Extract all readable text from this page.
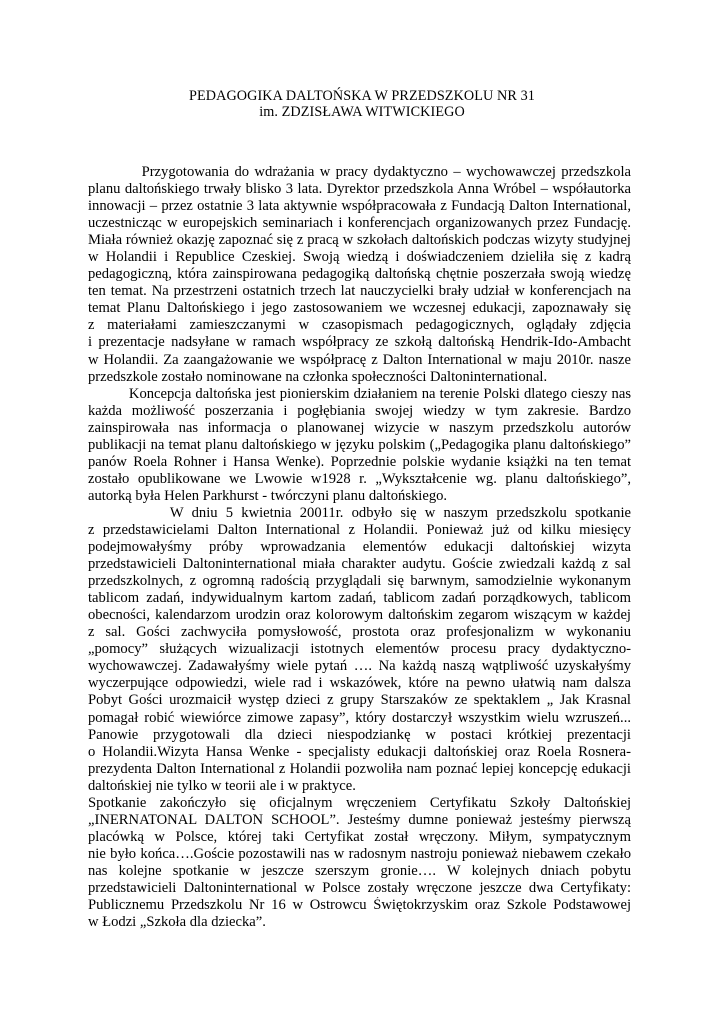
PEDAGOGIKA DALTOŃSKA W PRZEDSZKOLU NR 31
im. ZDZISŁAWA WITWICKIEGO
Przygotowania do wdrażania w pracy dydaktyczno – wychowawczej przedszkola
planu daltońskiego trwały blisko 3 lata. Dyrektor przedszkola Anna Wróbel – współautorka
innowacji – przez ostatnie 3 lata aktywnie współpracowała z Fundacją Dalton International,
uczestnicząc w europejskich seminariach i konferencjach organizowanych przez Fundację.
Miała również okazję zapoznać się z pracą w szkołach daltońskich podczas wizyty studyjnej
w Holandii i Republice Czeskiej. Swoją wiedzą i doświadczeniem dzieliła się z kadrą
pedagogiczną, która zainspirowana pedagogiką daltońską chętnie poszerzała swoją wiedzę
ten temat. Na przestrzeni ostatnich trzech lat nauczycielki brały udział w konferencjach na
temat Planu Daltońskiego i jego zastosowaniem we wczesnej edukacji, zapoznawały się
z materiałami zamieszczanymi w czasopismach pedagogicznych, oglądały zdjęcia
i prezentacje nadsyłane w ramach współpracy ze szkołą daltońską Hendrik-Ido-Ambacht
w Holandii. Za zaangażowanie we współpracę z Dalton International w maju 2010r. nasze
przedszkole zostało nominowane na członka społeczności Daltoninternational.
Koncepcja daltońska jest pionierskim działaniem na terenie Polski dlatego cieszy nas
każda możliwość poszerzania i pogłębiania swojej wiedzy w tym zakresie. Bardzo
zainspirowała nas informacja o planowanej wizycie w naszym przedszkolu autorów
publikacji na temat planu daltońskiego w języku polskim („Pedagogika planu daltońskiego”
panów Roela Rohner i Hansa Wenke). Poprzednie polskie wydanie książki na ten temat
zostało opublikowane we Lwowie w1928 r. „Wykształcenie wg. planu daltońskiego”,
autorką była Helen Parkhurst - twórczyni planu daltońskiego.
W dniu 5 kwietnia 20011r. odbyło się w naszym przedszkolu spotkanie
z przedstawicielami Dalton International z Holandii. Ponieważ już od kilku miesięcy
podejmowałyśmy próby wprowadzania elementów edukacji daltońskiej wizyta
przedstawicieli Daltoninternational miała charakter audytu. Goście zwiedzali każdą z sal
przedszkolnych, z ogromną radością przyglądali się barwnym, samodzielnie wykonanym
tablicom zadań, indywidualnym kartom zadań, tablicom zadań porządkowych, tablicom
obecności, kalendarzom urodzin oraz kolorowym daltońskim zegarom wiszącym w każdej
z sal. Gości zachwyciła pomysłowość, prostota oraz profesjonalizm w wykonaniu
„pomocy” służących wizualizacji istotnych elementów procesu pracy dydaktyczno-
wychowawczej. Zadawałyśmy wiele pytań …. Na każdą naszą wątpliwość uzyskałyśmy
wyczerpujące odpowiedzi, wiele rad i wskazówek, które na pewno ułatwią nam dalsza
Pobyt Gości urozmaicił występ dzieci z grupy Starszaków ze spektaklem „ Jak Krasnal
pomagał robić wiewiórce zimowe zapasy”, który dostarczył wszystkim wielu wzruszeń...
Panowie przygotowali dla dzieci niespodziankę w postaci krótkiej prezentacji
o Holandii.Wizyta Hansa Wenke - specjalisty edukacji daltońskiej oraz Roela Rosnera-
prezydenta Dalton International z Holandii pozwoliła nam poznać lepiej koncepcję edukacji
daltońskiej nie tylko w teorii ale i w praktyce.
Spotkanie zakończyło się oficjalnym wręczeniem Certyfikatu Szkoły Daltońskiej
„INERNATONAL DALTON SCHOOL”. Jesteśmy dumne ponieważ jesteśmy pierwszą
placówką w Polsce, której taki Certyfikat został wręczony. Miłym, sympatycznym
nie było końca….Goście pozostawili nas w radosnym nastroju ponieważ niebawem czekało
nas kolejne spotkanie w jeszcze szerszym gronie…. W kolejnych dniach pobytu
przedstawicieli Daltoninternational w Polsce zostały wręczone jeszcze dwa Certyfikaty:
Publicznemu Przedszkolu Nr 16 w Ostrowcu Świętokrzyskim oraz Szkole Podstawowej
w Łodzi „Szkoła dla dziecka”.
